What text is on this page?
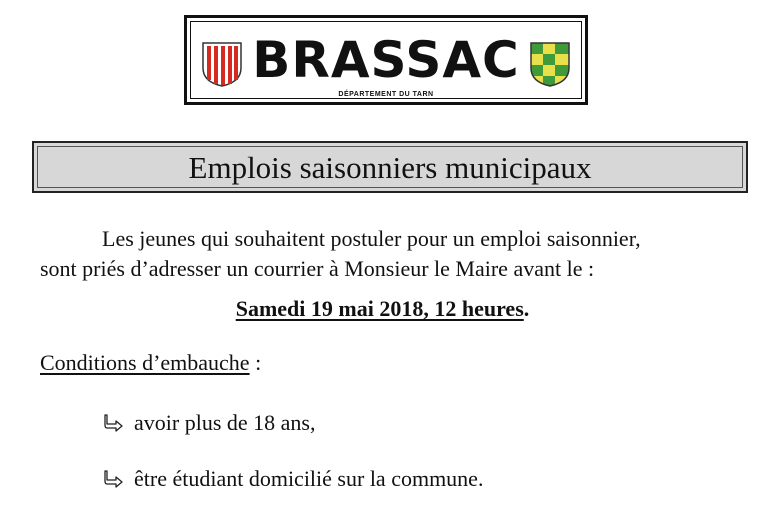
BRASSAC
DÉPARTEMENT DU TARN
Emplois saisonniers municipaux
Les jeunes qui souhaitent postuler pour un emploi saisonnier,
sont priés d’adresser un courrier à Monsieur le Maire avant le :
Samedi 19 mai 2018, 12 heures.
Conditions d’embauche :
avoir plus de 18 ans,
être étudiant domicilié sur la commune.
